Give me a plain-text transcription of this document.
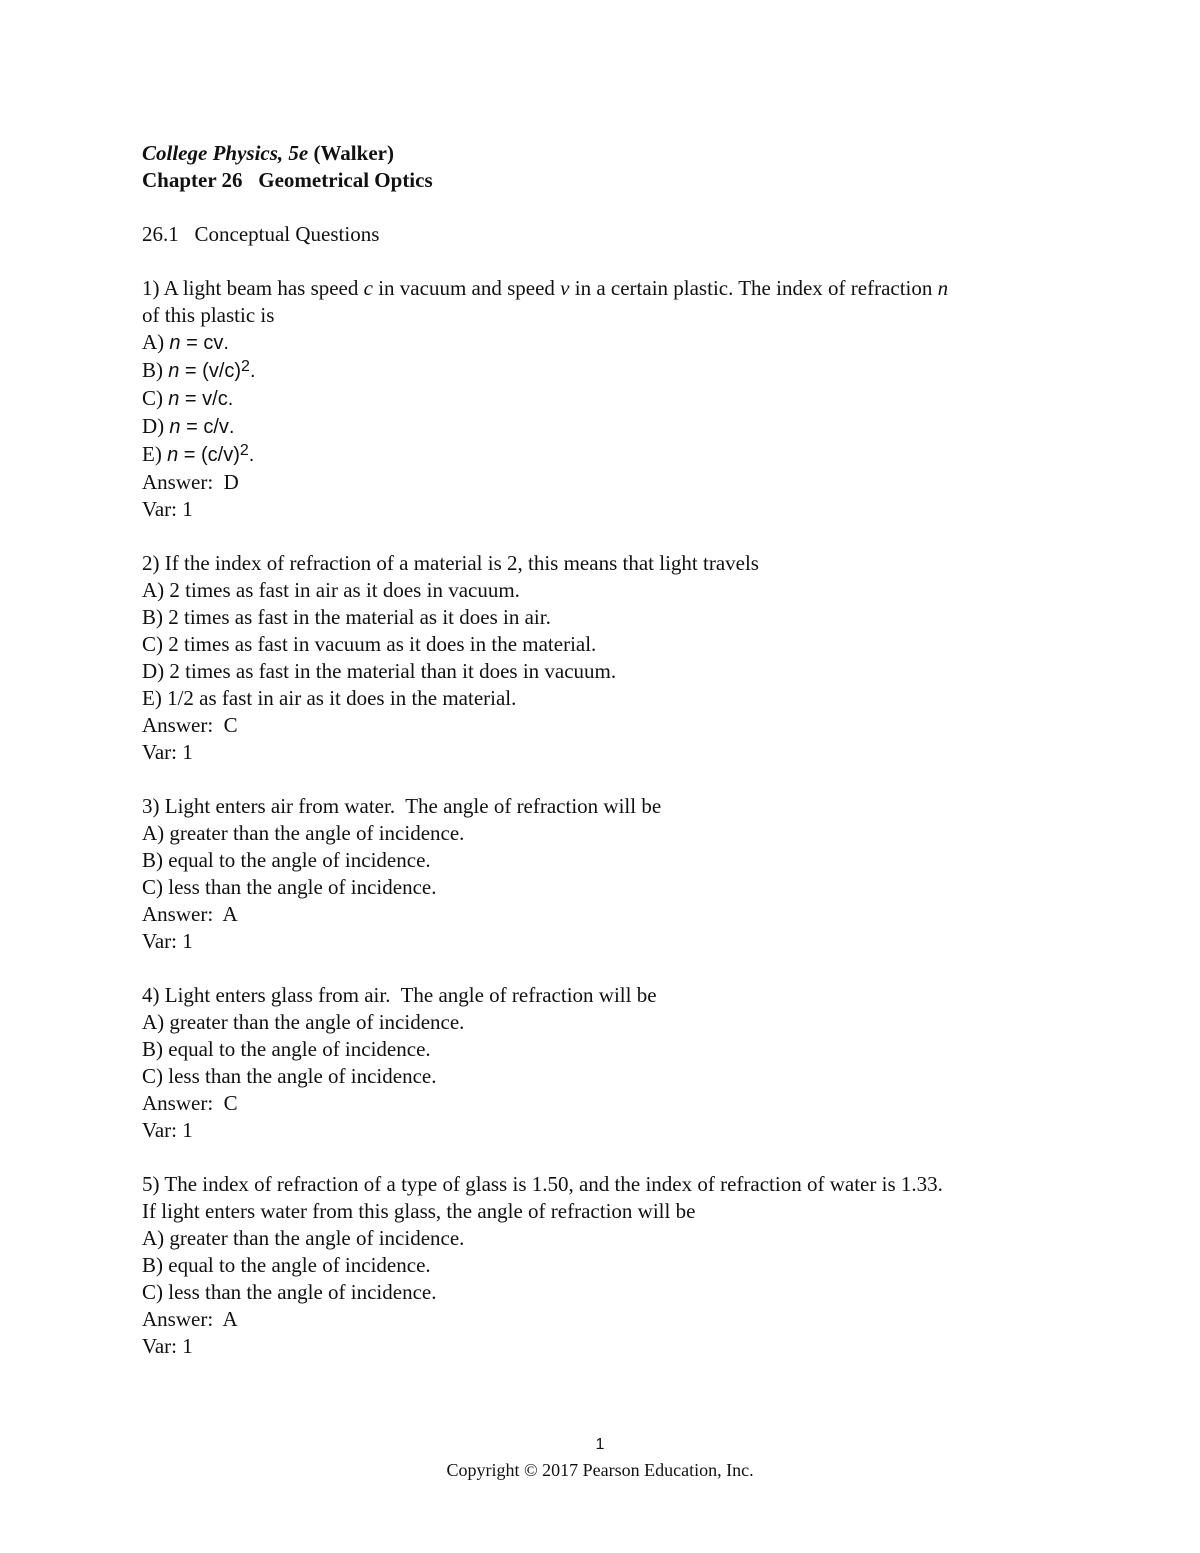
College Physics, 5e (Walker)
Chapter 26   Geometrical Optics
26.1   Conceptual Questions
1) A light beam has speed c in vacuum and speed v in a certain plastic. The index of refraction n
of this plastic is
A) n = cv.
B) $n = (v/c)^2$.
C) n = v/c.
D) n = c/v.
E) $n = (c/v)^2$.
Answer:  D
Var: 1
2) If the index of refraction of a material is 2, this means that light travels
A) 2 times as fast in air as it does in vacuum.
B) 2 times as fast in the material as it does in air.
C) 2 times as fast in vacuum as it does in the material.
D) 2 times as fast in the material than it does in vacuum.
E) 1/2 as fast in air as it does in the material.
Answer:  C
Var: 1
3) Light enters air from water.  The angle of refraction will be
A) greater than the angle of incidence.
B) equal to the angle of incidence.
C) less than the angle of incidence.
Answer:  A
Var: 1
4) Light enters glass from air.  The angle of refraction will be
A) greater than the angle of incidence.
B) equal to the angle of incidence.
C) less than the angle of incidence.
Answer:  C
Var: 1
5) The index of refraction of a type of glass is 1.50, and the index of refraction of water is 1.33.
If light enters water from this glass, the angle of refraction will be
A) greater than the angle of incidence.
B) equal to the angle of incidence.
C) less than the angle of incidence.
Answer:  A
Var: 1
1
Copyright © 2017 Pearson Education, Inc.
